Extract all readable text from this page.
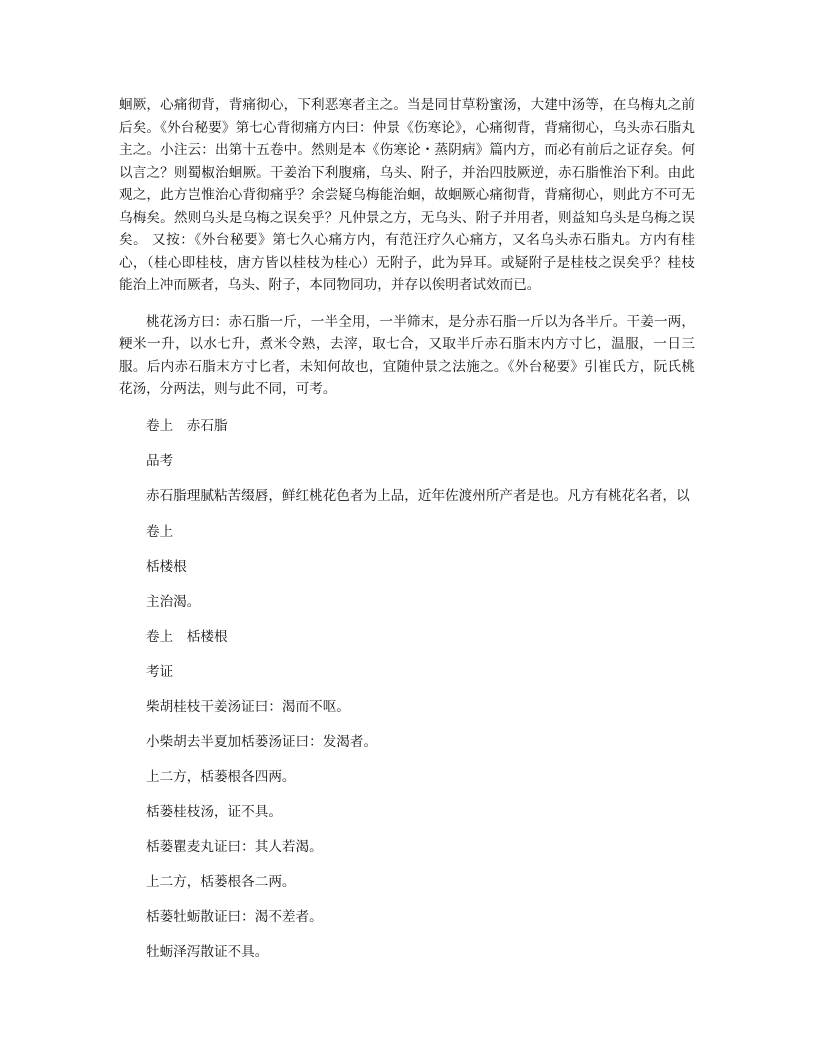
蛔厥，心痛彻背，背痛彻心，下利恶寒者主之。当是同甘草粉蜜汤，大建中汤等，在乌梅丸之前后矣。《外台秘要》第七心背彻痛方内曰：仲景《伤寒论》，心痛彻背，背痛彻心，乌头赤石脂丸主之。小注云：出第十五卷中。然则是本《伤寒论・蒸阴病》篇内方，而必有前后之证存矣。何以言之？则蜀椒治蛔厥。干姜治下利腹痛，乌头、附子，并治四肢厥逆，赤石脂惟治下利。由此观之，此方岂惟治心背彻痛乎？余尝疑乌梅能治蛔，故蛔厥心痛彻背，背痛彻心，则此方不可无乌梅矣。然则乌头是乌梅之误矣乎？凡仲景之方，无乌头、附子并用者，则益知乌头是乌梅之误矣。 又按：《外台秘要》第七久心痛方内，有范汪疗久心痛方，又名乌头赤石脂丸。方内有桂心，（桂心即桂枝，唐方皆以桂枝为桂心）无附子，此为异耳。或疑附子是桂枝之误矣乎？桂枝能治上冲而厥者，乌头、附子，本同物同功，并存以俟明者试效而已。

桃花汤方曰：赤石脂一斤，一半全用，一半筛末，是分赤石脂一斤以为各半斤。干姜一两，粳米一升，以水七升，煮米令熟，去滓，取七合，又取半斤赤石脂末内方寸匕，温服，一日三服。后内赤石脂末方寸匕者，未知何故也，宜随仲景之法施之。《外台秘要》引崔氏方，阮氏桃花汤，分两法，则与此不同，可考。

卷上　赤石脂

品考

赤石脂理腻粘苦缀唇，鲜红桃花色者为上品，近年佐渡州所产者是也。凡方有桃花名者，以

卷上

栝楼根

主治渴。

卷上　栝楼根

考证

柴胡桂枝干姜汤证曰：渴而不呕。

小柴胡去半夏加栝蒌汤证曰：发渴者。

上二方，栝蒌根各四两。

栝蒌桂枝汤，证不具。

栝蒌瞿麦丸证曰：其人若渴。

上二方，栝蒌根各二两。

栝蒌牡蛎散证曰：渴不差者。

牡蛎泽泻散证不具。
